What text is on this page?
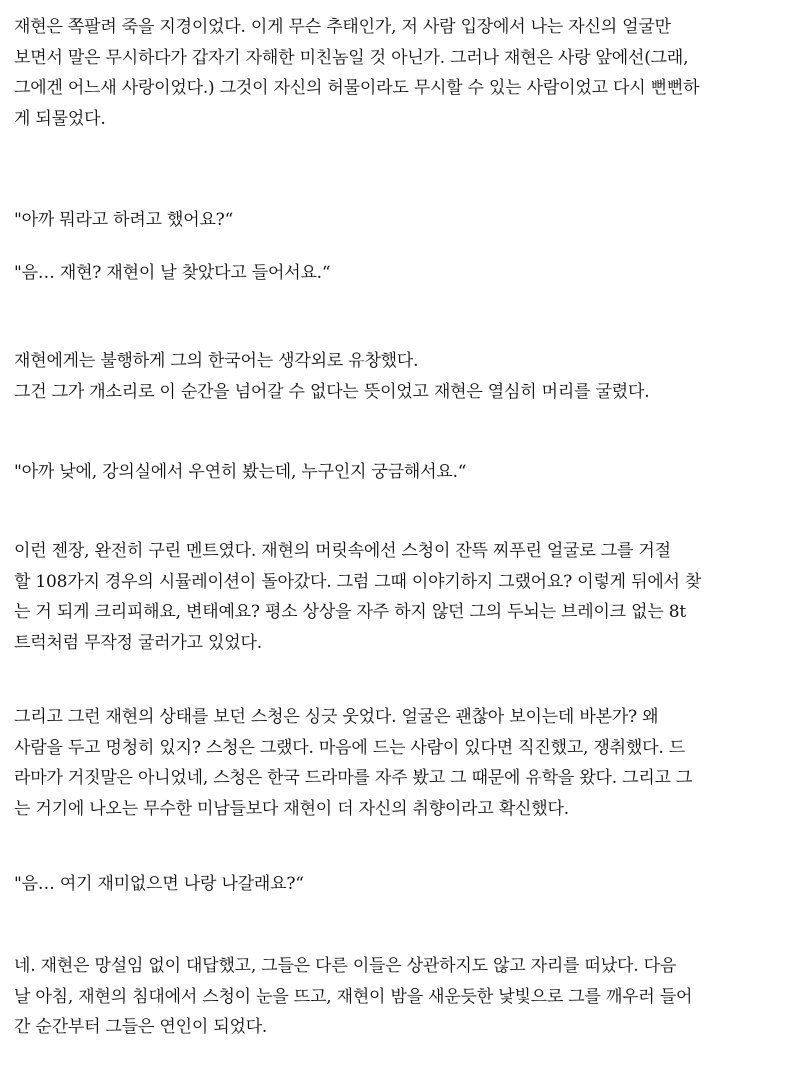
재현은 쪽팔려 죽을 지경이었다. 이게 무슨 추태인가, 저 사람 입장에서 나는 자신의 얼굴만
보면서 말은 무시하다가 갑자기 자해한 미친놈일 것 아닌가. 그러나 재현은 사랑 앞에선(그래,
그에겐 어느새 사랑이었다.) 그것이 자신의 허물이라도 무시할 수 있는 사람이었고 다시 뻔뻔하
게 되물었다.

"아까 뭐라고 하려고 했어요?“

"음… 재현? 재현이 날 찾았다고 들어서요.“

재현에게는 불행하게 그의 한국어는 생각외로 유창했다.
그건 그가 개소리로 이 순간을 넘어갈 수 없다는 뜻이었고 재현은 열심히 머리를 굴렸다.

"아까 낮에, 강의실에서 우연히 봤는데, 누구인지 궁금해서요.“

이런 젠장, 완전히 구린 멘트였다. 재현의 머릿속에선 스청이 잔뜩 찌푸린 얼굴로 그를 거절
할 108가지 경우의 시뮬레이션이 돌아갔다. 그럼 그때 이야기하지 그랬어요? 이렇게 뒤에서 찾
는 거 되게 크리피해요, 변태예요? 평소 상상을 자주 하지 않던 그의 두뇌는 브레이크 없는 8t
트럭처럼 무작정 굴러가고 있었다.

그리고 그런 재현의 상태를 보던 스청은 싱긋 웃었다. 얼굴은 괜찮아 보이는데 바본가? 왜
사람을 두고 멍청히 있지? 스청은 그랬다. 마음에 드는 사람이 있다면 직진했고, 쟁취했다. 드
라마가 거짓말은 아니었네, 스청은 한국 드라마를 자주 봤고 그 때문에 유학을 왔다. 그리고 그
는 거기에 나오는 무수한 미남들보다 재현이 더 자신의 취향이라고 확신했다.

"음… 여기 재미없으면 나랑 나갈래요?“

네. 재현은 망설임 없이 대답했고, 그들은 다른 이들은 상관하지도 않고 자리를 떠났다. 다음
날 아침, 재현의 침대에서 스청이 눈을 뜨고, 재현이 밤을 새운듯한 낯빛으로 그를 깨우러 들어
간 순간부터 그들은 연인이 되었다.
